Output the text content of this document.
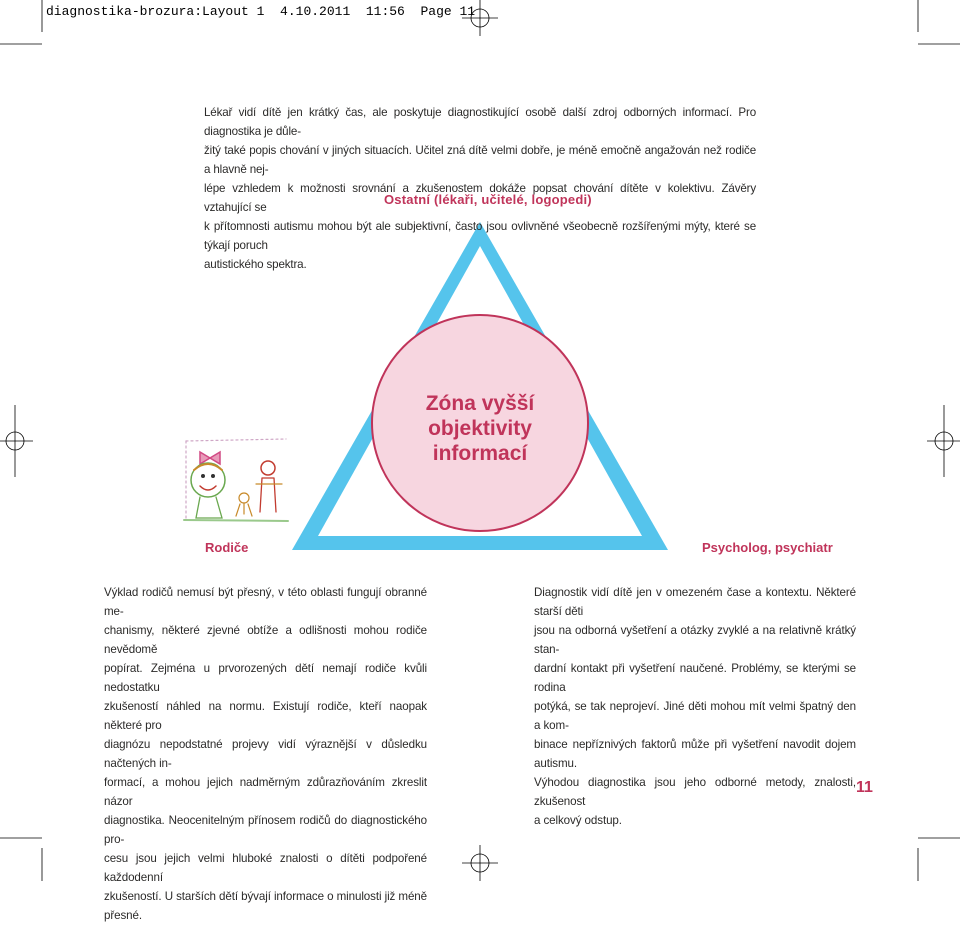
diagnostika-brozura:Layout 1  4.10.2011  11:56  Page 11

Lékař vidí dítě jen krátký čas, ale poskytuje diagnostikující osobě další zdroj odborných informací. Pro diagnostika je důle-

žitý také popis chování v jiných situacích. Učitel zná dítě velmi dobře, je méně emočně angažován než rodiče a hlavně nej-

lépe vzhledem k možnosti srovnání a zkušenostem dokáže popsat chování dítěte v kolektivu. Závěry vztahující se

k přítomnosti autismu mohou být ale subjektivní, často jsou ovlivněné všeobecně rozšířenými mýty, které se týkají poruch

autistického spektra.

Ostatní (lékaři, učitelé, logopedi)
Rodiče	Psycholog, psychiatr
Zóna vyšší
objektivity
informací

Výklad rodičů nemusí být přesný, v této oblasti fungují obranné me-

chanismy, některé zjevné obtíže a odlišnosti mohou rodiče nevědomě

popírat. Zejména u prvorozených dětí nemají rodiče kvůli nedostatku

zkušeností náhled na normu. Existují rodiče, kteří naopak některé pro

diagnózu nepodstatné projevy vidí výraznější v důsledku načtených in-

formací, a mohou jejich nadměrným zdůrazňováním zkreslit názor

diagnostika. Neocenitelným přínosem rodičů do diagnostického pro-

cesu jsou jejich velmi hluboké znalosti o dítěti podpořené každodenní

zkušeností. U starších dětí bývají informace o minulosti již méně přesné.

Diagnostik vidí dítě jen v omezeném čase a kontextu. Některé starší děti

jsou na odborná vyšetření a otázky zvyklé a na relativně krátký stan-

dardní kontakt při vyšetření naučené. Problémy, se kterými se rodina

potýká, se tak neprojeví. Jiné děti mohou mít velmi špatný den a kom-

binace nepříznivých faktorů může při vyšetření navodit dojem autismu.

Výhodou diagnostika jsou jeho odborné metody, znalosti, zkušenost

a celkový odstup.

11
